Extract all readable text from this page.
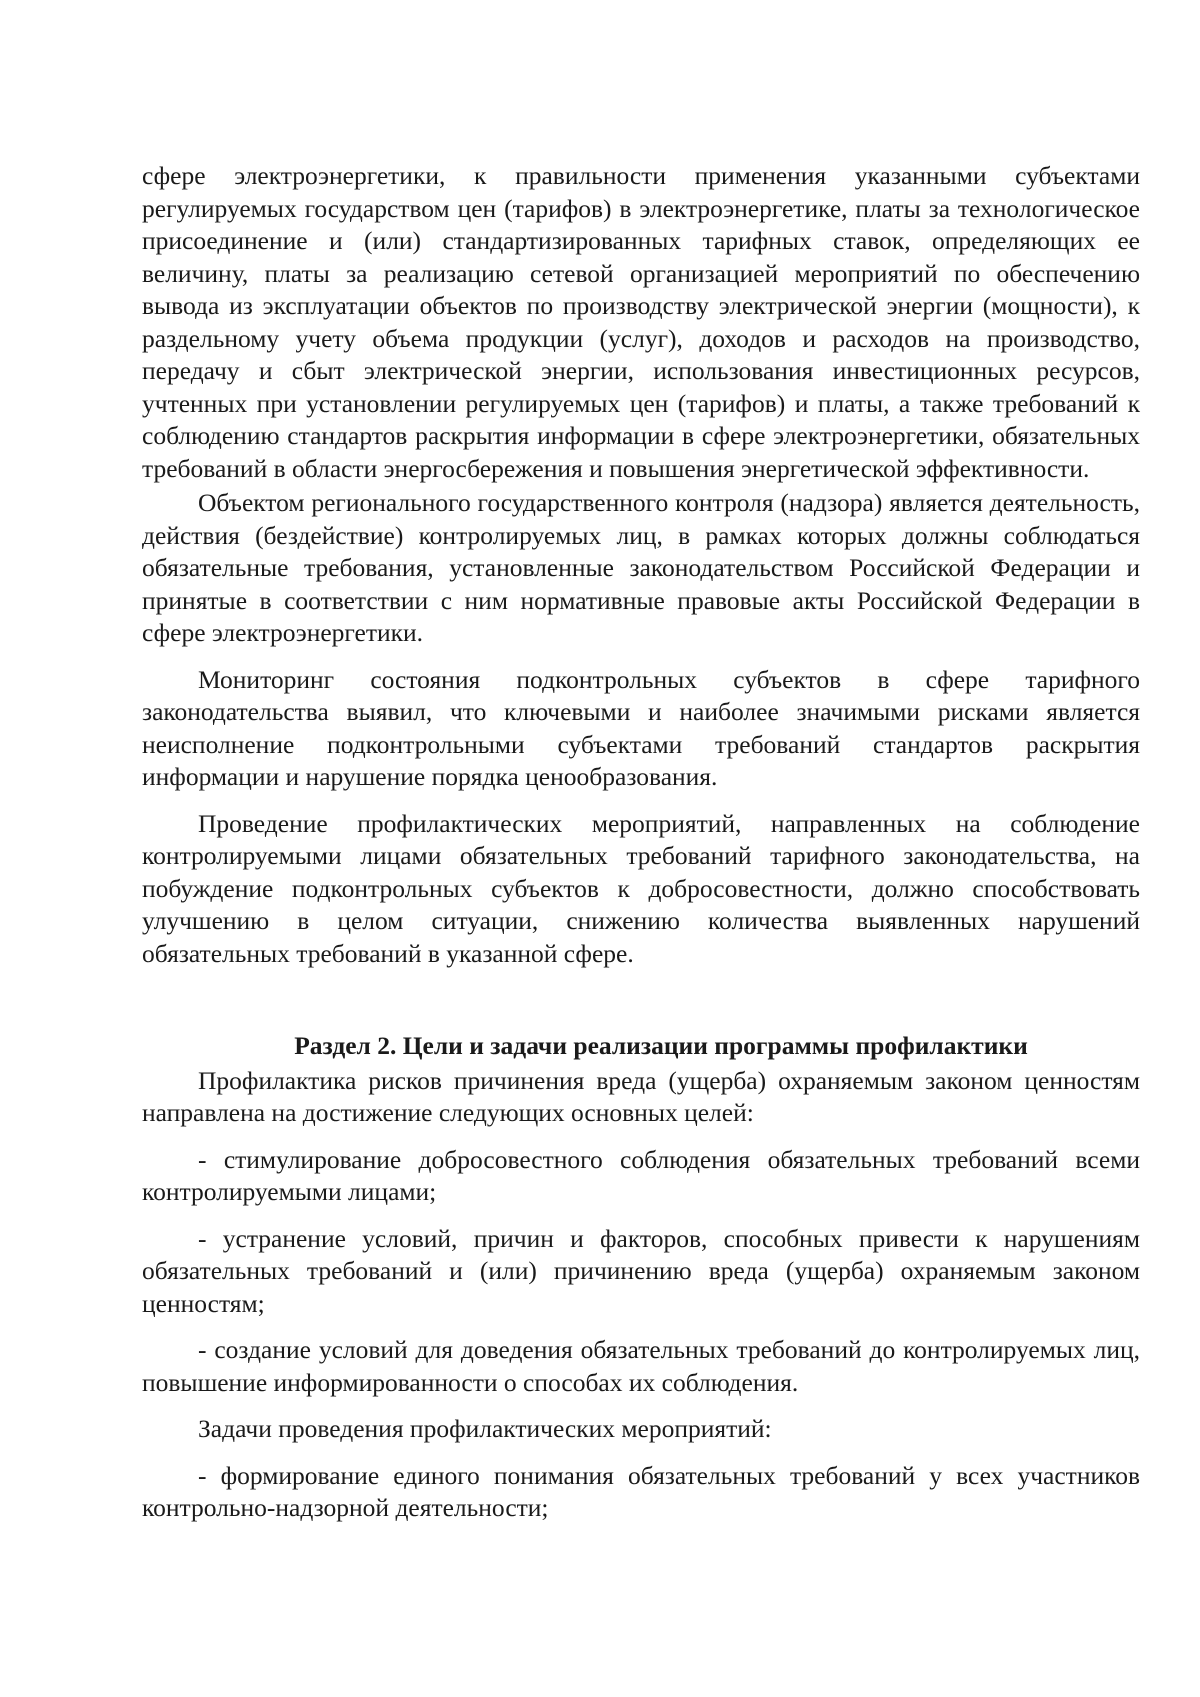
сфере электроэнергетики, к правильности применения указанными субъектами регулируемых государством цен (тарифов) в электроэнергетике, платы за технологическое присоединение и (или) стандартизированных тарифных ставок, определяющих ее величину, платы за реализацию сетевой организацией мероприятий по обеспечению вывода из эксплуатации объектов по производству электрической энергии (мощности), к раздельному учету объема продукции (услуг), доходов и расходов на производство, передачу и сбыт электрической энергии, использования инвестиционных ресурсов, учтенных при установлении регулируемых цен (тарифов) и платы, а также требований к соблюдению стандартов раскрытия информации в сфере электроэнергетики, обязательных требований в области энергосбережения и повышения энергетической эффективности.

Объектом регионального государственного контроля (надзора) является деятельность, действия (бездействие) контролируемых лиц, в рамках которых должны соблюдаться обязательные требования, установленные законодательством Российской Федерации и принятые в соответствии с ним нормативные правовые акты Российской Федерации в сфере электроэнергетики.

Мониторинг состояния подконтрольных субъектов в сфере тарифного законодательства выявил, что ключевыми и наиболее значимыми рисками является неисполнение подконтрольными субъектами требований стандартов раскрытия информации и нарушение порядка ценообразования.

Проведение профилактических мероприятий, направленных на соблюдение контролируемыми лицами обязательных требований тарифного законодательства, на побуждение подконтрольных субъектов к добросовестности, должно способствовать улучшению в целом ситуации, снижению количества выявленных нарушений обязательных требований в указанной сфере.

Раздел 2. Цели и задачи реализации программы профилактики

Профилактика рисков причинения вреда (ущерба) охраняемым законом ценностям направлена на достижение следующих основных целей:

- стимулирование добросовестного соблюдения обязательных требований всеми контролируемыми лицами;

- устранение условий, причин и факторов, способных привести к нарушениям обязательных требований и (или) причинению вреда (ущерба) охраняемым законом ценностям;

- создание условий для доведения обязательных требований до контролируемых лиц, повышение информированности о способах их соблюдения.

Задачи проведения профилактических мероприятий:

- формирование единого понимания обязательных требований у всех участников контрольно-надзорной деятельности;
